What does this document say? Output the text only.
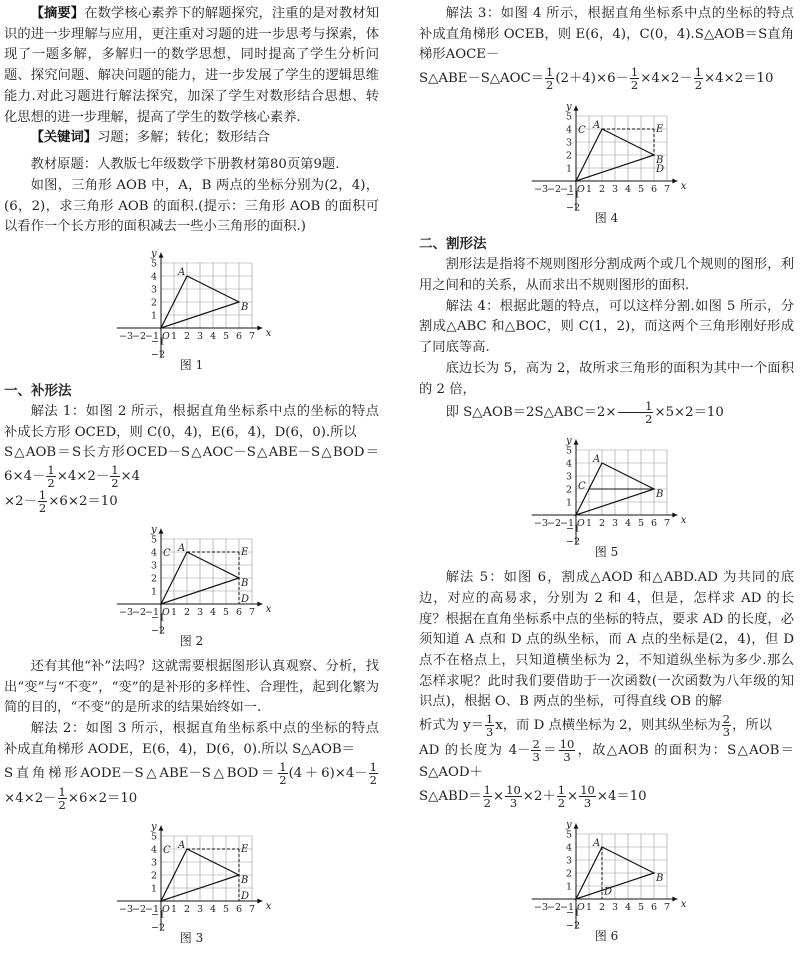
【摘要】在数学核心素养下的解题探究，注重的是对教材知识的进一步理解与应用，更注重对习题的进一步思考与探索，体现了一题多解，多解归一的数学思想，同时提高了学生分析问题、探究问题、解决问题的能力，进一步发展了学生的逻辑思维能力.对此习题进行解法探究，加深了学生对数形结合思想、转化思想的进一步理解，提高了学生的数学核心素养.

【关键词】习题；多解；转化；数形结合

教材原题：人教版七年级数学下册教材第80页第9题.

如图，三角形 AOB 中，A，B 两点的坐标分别为(2，4)，(6，2)，求三角形 AOB 的面积.(提示：三角形 AOB 的面积可以看作一个长方形的面积减去一些小三角形的面积.)

x
y
−3
−2
−1 1 2 3 4 5 6 7
O
5
4
3
2
1
−1
−2
A
B
图 1
一、补形法

解法 1：如图 2 所示，根据直角坐标系中点的坐标的特点补成长方形 OCED，则 C(0，4)，E(6，4)，D(6，0).所以

S△AOB＝S长方形OCED－S△AOC－S△ABE－S△BOD＝6×4－ $\frac{1}{2} \times 4\times 2- \frac{1}{2} \times 4$
$\times 2- \frac{1}{2} \times 6\times 2=10$

x
y
−3
−2
−1 1 2 3 4 5 6 7
O
5
4
3
2
1
−1
−2
A
B
C	E
D
图 2

还有其他“补”法吗？这就需要根据图形认真观察、分析，找出“变”与“不变”，“变”的是补形的多样性、合理性，起到化繁为简的目的，“不变”的是所求的结果始终如一.

解法 2：如图 3 所示，根据直角坐标系中点的坐标的特点补成直角梯形 AODE，E(6，4)，D(6，0).所以 S△AOB＝

S直角梯形AODE－S△ABE－S△BOD＝ $\frac{1}{2} (4+6)\times 4- \frac{1}{2}$
$\times 4\times 2- \frac{1}{2} \times 6\times 2=10$

x
y
−3
−2
−1 1 2 3 4 5 6 7
O
5
4
3
2
1
−1
−2
A
B
C	E
D
图 3

解法 3：如图 4 所示，根据直角坐标系中点的坐标的特点补成直角梯形 OCEB，则 E(6，4)，C(0，4).S△AOB＝S直角梯形AOCE－

S△ABE－S△AOC＝ $\frac{1}{2} (2+4)\times 6- \frac{1}{2} \times 4\times 2- \frac{1}{2} \times 4\times 2=10$

x
y
−3
−2
−1 1 2 3 4 5 6 7
O
5
4
3
2
1
−1
−2
A
B
C	E
D
图 4
二、割形法

割形法是指将不规则图形分割成两个或几个规则的图形，利用之间和的关系，从而求出不规则图形的面积.

解法 4：根据此题的特点，可以这样分割.如图 5 所示，分割成△ABC 和△BOC，则 C(1，2)，而这两个三角形刚好形成了同底等高.

底边长为 5，高为 2，故所求三角形的面积为其中一个面积的 2 倍，

即 S△AOB＝2S△ABC＝2× $\frac{1}{2} \times 5\times 2=10$

x
y
−3
−2
−1 1 2 3 4 5 6 7
O
5
4
3
2
1
−1
−2
A
B
C
图 5

解法 5：如图 6，割成△AOD 和△ABD.AD 为共同的底边，对应的高易求，分别为 2 和 4，但是，怎样求 AD 的长度？根据在直角坐标系中点的坐标的特点，要求 AD 的长度，必须知道 A 点和 D 点的纵坐标，而 A 点的坐标是(2，4)，但 D 点不在格点上，只知道横坐标为 2，不知道纵坐标为多少.那么怎样求呢？此时我们要借助于一次函数(一次函数为八年级的知识点)，根据 O、B 两点的坐标，可得直线 OB 的解

析式为 $y= \frac{1}{3}$ x，而 D 点横坐标为 2，则其纵坐标为 $\frac{2}{3}$ ，所以

AD 的长度为 $4- \frac{2}{3} = \frac{10}{3}$ ，故△AOB 的面积为：S△AOB＝S△AOD＋

S△ABD＝ $\frac{1}{2} \times \frac{10}{3} \times 2+ \frac{1}{2} \times \frac{10}{3} \times 4=10$

x
y
−3
−2
−1 1 2 3 4 5 6 7
O
5
4
3
2
1
−1
−2
A
B
D
图 6
